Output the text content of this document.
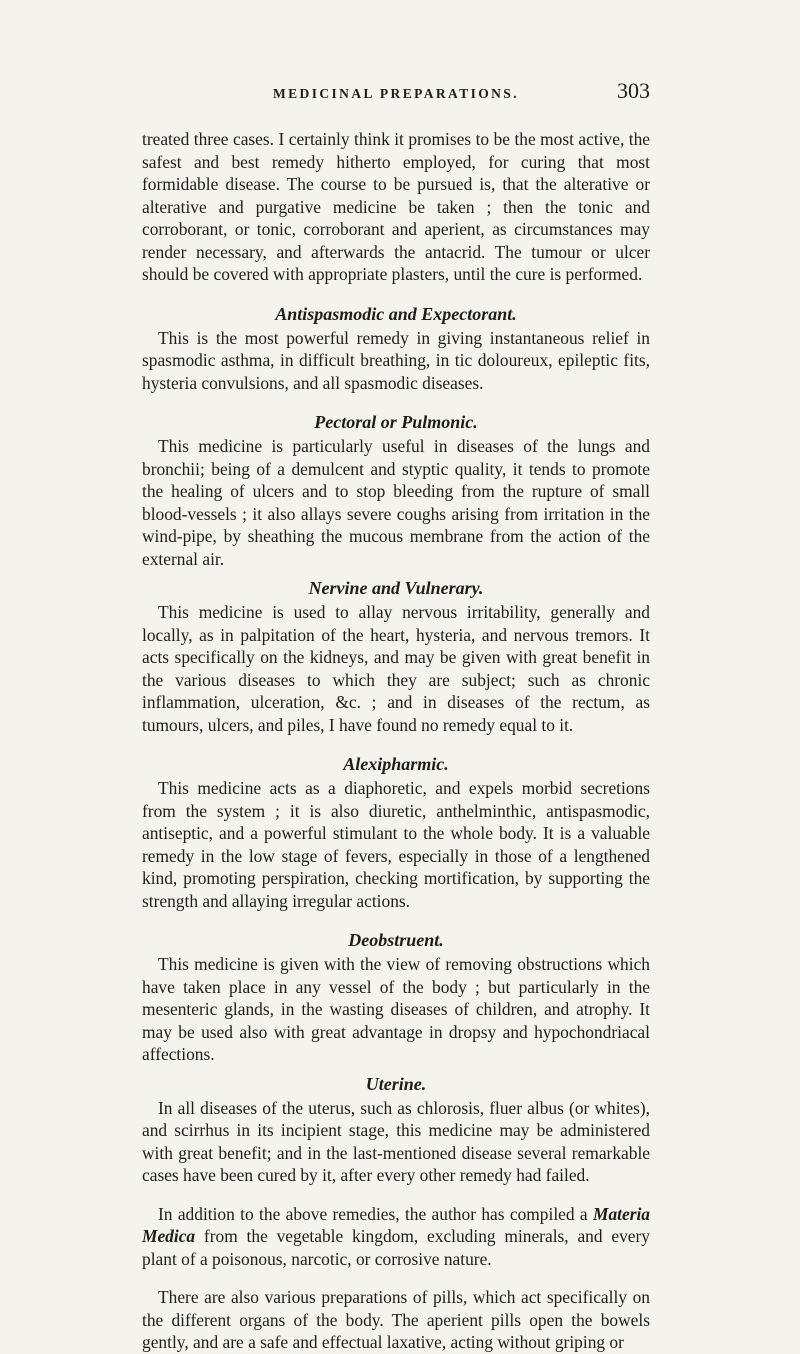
MEDICINAL PREPARATIONS.	303

treated three cases. I certainly think it promises to be the most active, the safest and best remedy hitherto employed, for curing that most formidable disease. The course to be pursued is, that the alterative or alterative and purgative medicine be taken ; then the tonic and corroborant, or tonic, corroborant and aperient, as circumstances may render necessary, and afterwards the antacrid. The tumour or ulcer should be covered with appropriate plasters, until the cure is performed.

Antispasmodic and Expectorant.

This is the most powerful remedy in giving instantaneous relief in spasmodic asthma, in difficult breathing, in tic doloureux, epileptic fits, hysteria convulsions, and all spasmodic diseases.

Pectoral or Pulmonic.

This medicine is particularly useful in diseases of the lungs and bronchii; being of a demulcent and styptic quality, it tends to promote the healing of ulcers and to stop bleeding from the rupture of small blood-vessels ; it also allays severe coughs arising from irritation in the wind-pipe, by sheathing the mucous membrane from the action of the external air.

Nervine and Vulnerary.

This medicine is used to allay nervous irritability, generally and locally, as in palpitation of the heart, hysteria, and nervous tremors. It acts specifically on the kidneys, and may be given with great benefit in the various diseases to which they are subject; such as chronic inflammation, ulceration, &c. ; and in diseases of the rectum, as tumours, ulcers, and piles, I have found no remedy equal to it.

Alexipharmic.

This medicine acts as a diaphoretic, and expels morbid secretions from the system ; it is also diuretic, anthelminthic, antispasmodic, antiseptic, and a powerful stimulant to the whole body. It is a valuable remedy in the low stage of fevers, especially in those of a lengthened kind, promoting perspiration, checking mortification, by supporting the strength and allaying irregular actions.

Deobstruent.

This medicine is given with the view of removing obstructions which have taken place in any vessel of the body ; but particularly in the mesenteric glands, in the wasting diseases of children, and atrophy. It may be used also with great advantage in dropsy and hypochondriacal affections.

Uterine.

In all diseases of the uterus, such as chlorosis, fluer albus (or whites), and scirrhus in its incipient stage, this medicine may be administered with great benefit; and in the last-mentioned disease several remarkable cases have been cured by it, after every other remedy had failed.

In addition to the above remedies, the author has compiled a Materia Medica from the vegetable kingdom, excluding minerals, and every plant of a poisonous, narcotic, or corrosive nature.

There are also various preparations of pills, which act specifically on the different organs of the body. The aperient pills open the bowels gently, and are a safe and effectual laxative, acting without griping or
